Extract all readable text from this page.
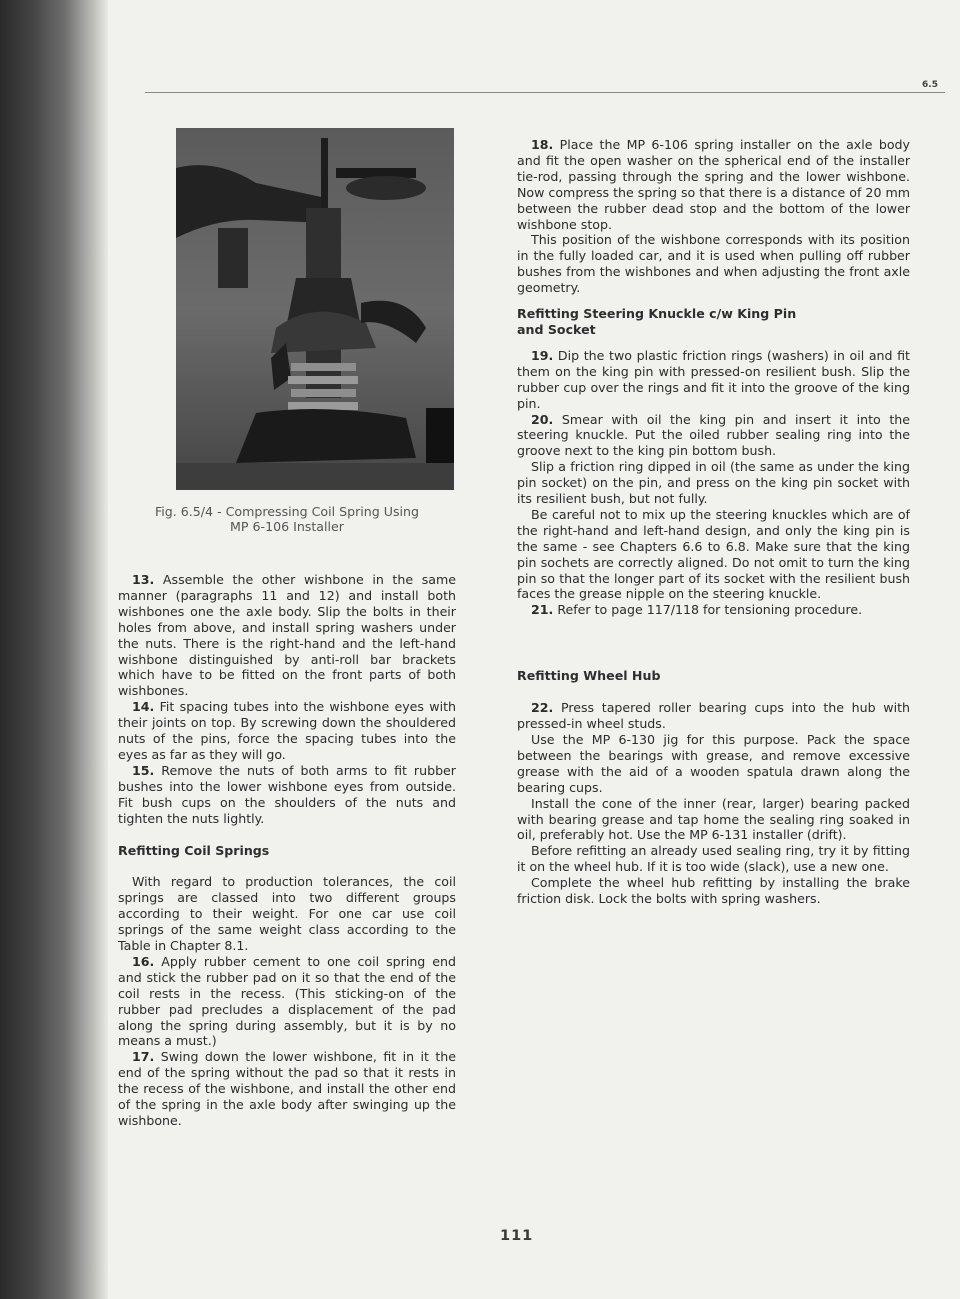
6.5
Fig. 6.5/4 - Compressing Coil Spring Using
MP 6-106 Installer

13. Assemble the other wishbone in the same manner (paragraphs 11 and 12) and install both wishbones one the axle body. Slip the bolts in their holes from above, and install spring washers under the nuts. There is the right-hand and the left-hand wishbone distinguished by anti-roll bar brackets which have to be fitted on the front parts of both wishbones.

14. Fit spacing tubes into the wishbone eyes with their joints on top. By screwing down the shouldered nuts of the pins, force the spacing tubes into the eyes as far as they will go.

15. Remove the nuts of both arms to fit rubber bushes into the lower wishbone eyes from outside. Fit bush cups on the shoulders of the nuts and tighten the nuts lightly.

Refitting Coil Springs

With regard to production tolerances, the coil springs are classed into two different groups according to their weight. For one car use coil springs of the same weight class according to the Table in Chapter 8.1.

16. Apply rubber cement to one coil spring end and stick the rubber pad on it so that the end of the coil rests in the recess. (This sticking-on of the rubber pad precludes a displacement of the pad along the spring during assembly, but it is by no means a must.)

17. Swing down the lower wishbone, fit in it the end of the spring without the pad so that it rests in the recess of the wishbone, and install the other end of the spring in the axle body after swinging up the wishbone.

18. Place the MP 6-106 spring installer on the axle body and fit the open washer on the spherical end of the installer tie-rod, passing through the spring and the lower wishbone. Now compress the spring so that there is a distance of 20 mm between the rubber dead stop and the bottom of the lower wishbone stop.

This position of the wishbone corresponds with its position in the fully loaded car, and it is used when pulling off rubber bushes from the wishbones and when adjusting the front axle geometry.

Refitting Steering Knuckle c/w King Pin
and Socket

19. Dip the two plastic friction rings (washers) in oil and fit them on the king pin with pressed-on resilient bush. Slip the rubber cup over the rings and fit it into the groove of the king pin.

20. Smear with oil the king pin and insert it into the steering knuckle. Put the oiled rubber sealing ring into the groove next to the king pin bottom bush.

Slip a friction ring dipped in oil (the same as under the king pin socket) on the pin, and press on the king pin socket with its resilient bush, but not fully.

Be careful not to mix up the steering knuckles which are of the right-hand and left-hand design, and only the king pin is the same - see Chapters 6.6 to 6.8. Make sure that the king pin sochets are correctly aligned. Do not omit to turn the king pin so that the longer part of its socket with the resilient bush faces the grease nipple on the steering knuckle.

21. Refer to page 117/118 for tensioning procedure.

Refitting Wheel Hub

22. Press tapered roller bearing cups into the hub with pressed-in wheel studs.

Use the MP 6-130 jig for this purpose. Pack the space between the bearings with grease, and remove excessive grease with the aid of a wooden spatula drawn along the bearing cups.

Install the cone of the inner (rear, larger) bearing packed with bearing grease and tap home the sealing ring soaked in oil, preferably hot. Use the MP 6-131 installer (drift).

Before refitting an already used sealing ring, try it by fitting it on the wheel hub. If it is too wide (slack), use a new one.

Complete the wheel hub refitting by installing the brake friction disk. Lock the bolts with spring washers.

111
